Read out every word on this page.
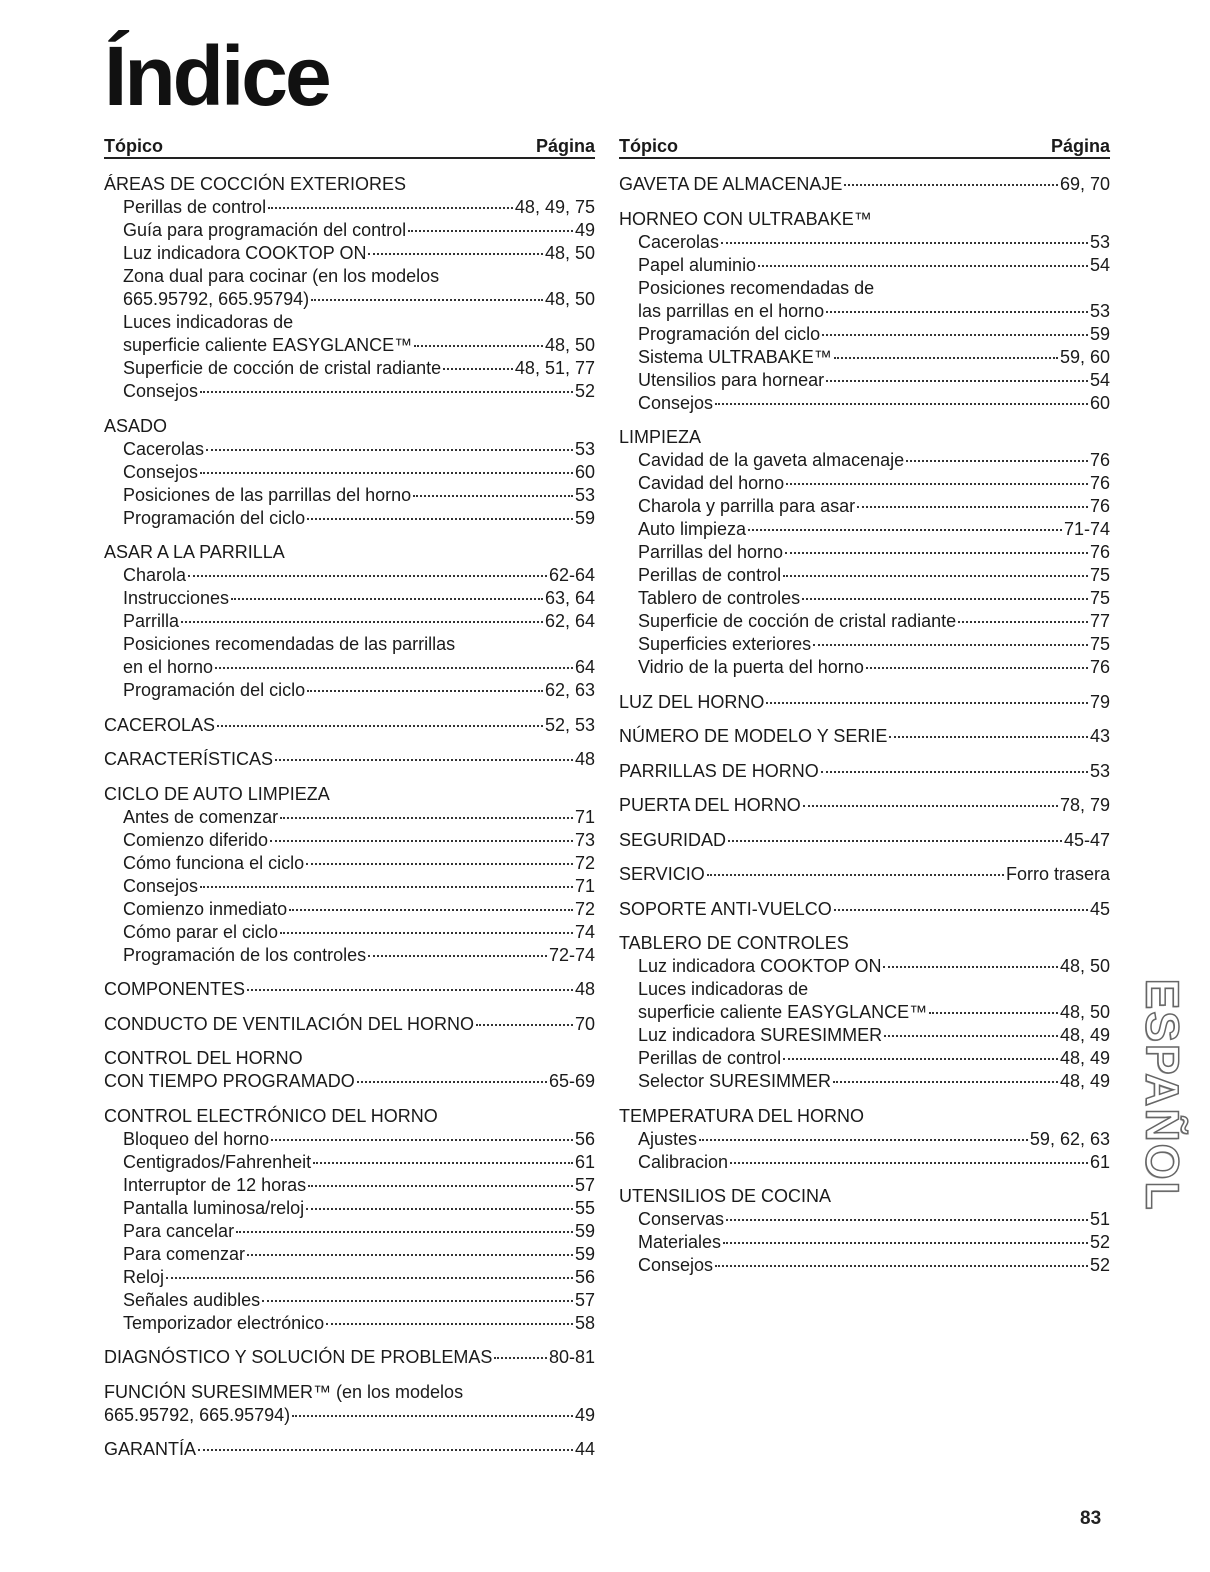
Índice
Tópico	Página
ÁREAS DE COCCIÓN EXTERIORES
Perillas de control	48, 49, 75
Guía para programación del control	49
Luz indicadora COOKTOP ON	48, 50
Zona dual para cocinar (en los modelos
665.95792, 665.95794)	48, 50
Luces indicadoras de
superficie caliente EASYGLANCE™	48, 50
Superficie de cocción de cristal radiante	48, 51, 77
Consejos	52
ASADO
Cacerolas	53
Consejos	60
Posiciones de las parrillas del horno	53
Programación del ciclo	59
ASAR A LA PARRILLA
Charola	62-64
Instrucciones	63, 64
Parrilla	62, 64
Posiciones recomendadas de las parrillas
en el horno	64
Programación del ciclo	62, 63
CACEROLAS	52, 53
CARACTERÍSTICAS	48
CICLO DE AUTO LIMPIEZA
Antes de comenzar	71
Comienzo diferido	73
Cómo funciona el ciclo	72
Consejos	71
Comienzo inmediato	72
Cómo parar el ciclo	74
Programación de los controles	72-74
COMPONENTES	48
CONDUCTO DE VENTILACIÓN DEL HORNO	70
CONTROL DEL HORNO
CON TIEMPO PROGRAMADO	65-69
CONTROL ELECTRÓNICO DEL HORNO
Bloqueo del horno	56
Centigrados/Fahrenheit	61
Interruptor de 12 horas	57
Pantalla luminosa/reloj	55
Para cancelar	59
Para comenzar	59
Reloj	56
Señales audibles	57
Temporizador electrónico	58
DIAGNÓSTICO Y SOLUCIÓN DE PROBLEMAS	80-81
FUNCIÓN SURESIMMER™ (en los modelos
665.95792, 665.95794)	49
GARANTÍA	44
Tópico	Página
GAVETA DE ALMACENAJE	69, 70
HORNEO CON ULTRABAKE™
Cacerolas	53
Papel aluminio	54
Posiciones recomendadas de
las parrillas en el horno	53
Programación del ciclo	59
Sistema ULTRABAKE™	59, 60
Utensilios para hornear	54
Consejos	60
LIMPIEZA
Cavidad de la gaveta almacenaje	76
Cavidad del horno	76
Charola y parrilla para asar	76
Auto limpieza	71-74
Parrillas del horno	76
Perillas de control	75
Tablero de controles	75
Superficie de cocción de cristal radiante	77
Superficies exteriores	75
Vidrio de la puerta del horno	76
LUZ DEL HORNO	79
NÚMERO DE MODELO Y SERIE	43
PARRILLAS DE HORNO	53
PUERTA DEL HORNO	78, 79
SEGURIDAD	45-47
SERVICIO	Forro trasera
SOPORTE ANTI-VUELCO	45
TABLERO DE CONTROLES
Luz indicadora COOKTOP ON	48, 50
Luces indicadoras de
superficie caliente EASYGLANCE™	48, 50
Luz indicadora SURESIMMER	48, 49
Perillas de control	48, 49
Selector SURESIMMER	48, 49
TEMPERATURA DEL HORNO
Ajustes	59, 62, 63
Calibracion	61
UTENSILIOS DE COCINA
Conservas	51
Materiales	52
Consejos	52
ESPAÑOL
83
